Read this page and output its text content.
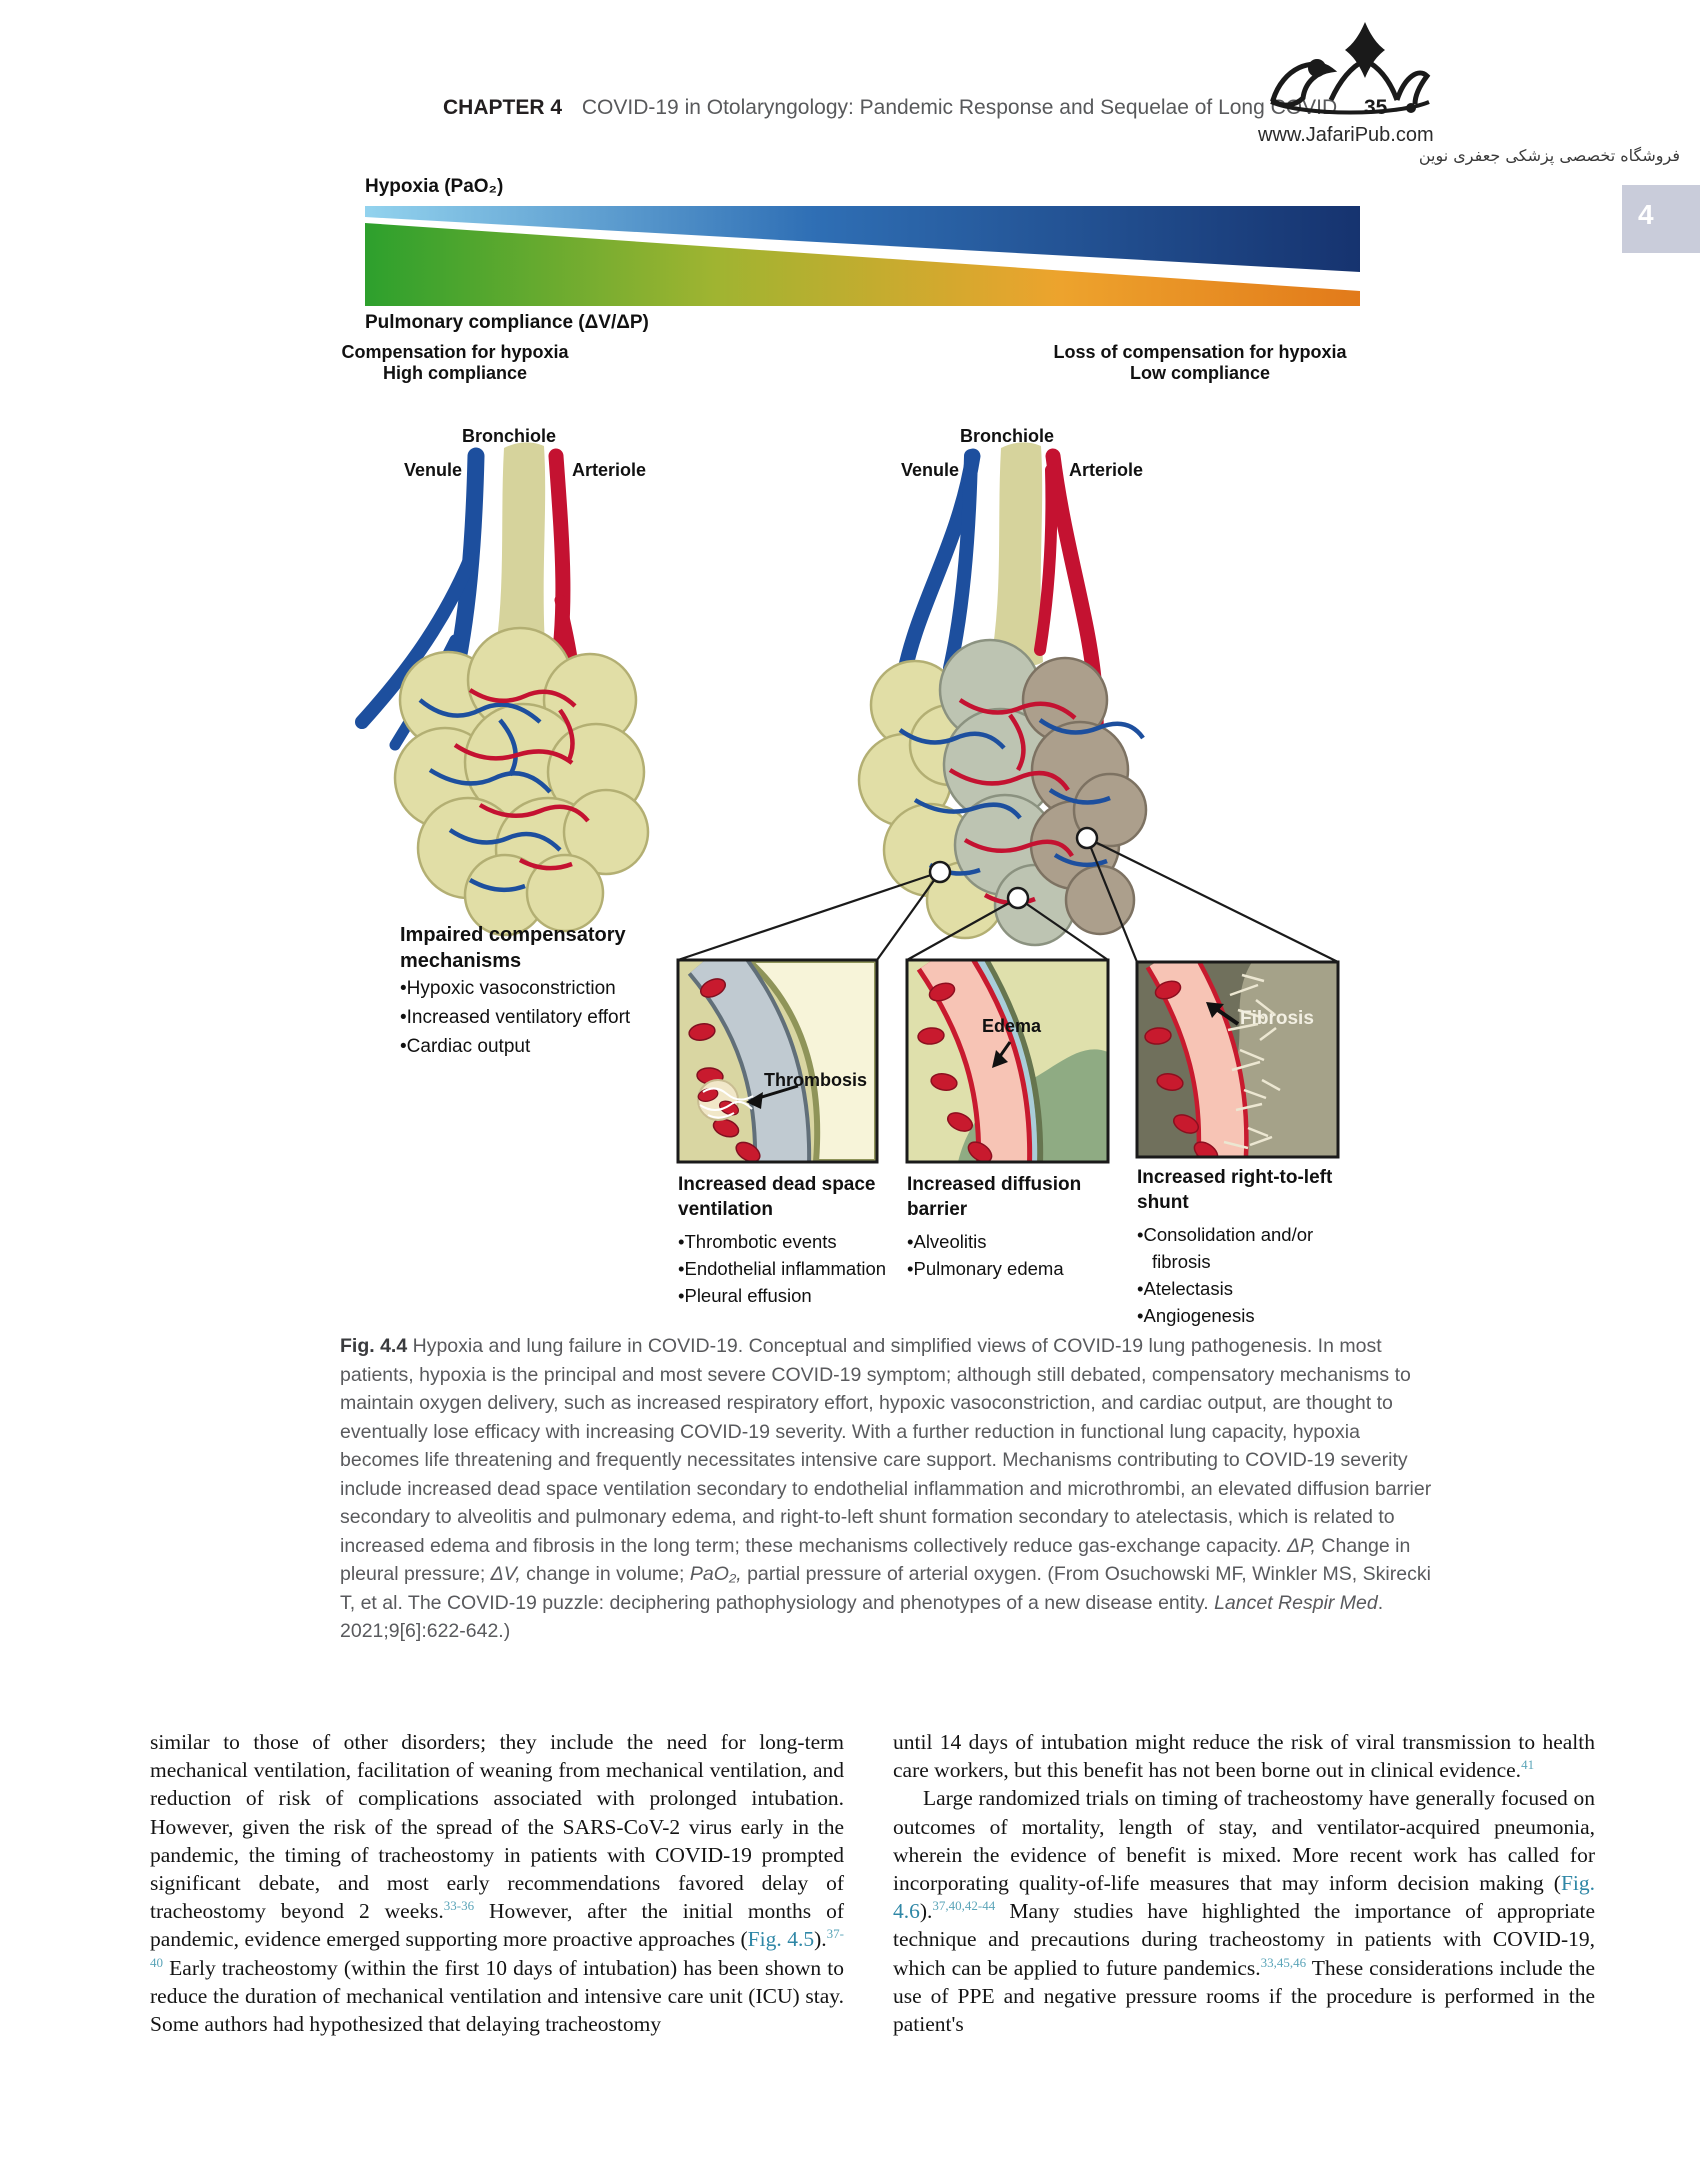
CHAPTER 4 COVID-19 in Otolaryngology: Pandemic Response and Sequelae of Long COVID 35
www.JafariPub.com
فروشگاه تخصصی پزشکی جعفری نوین
4
Hypoxia (PaO₂)
Pulmonary compliance (ΔV/ΔP)
Compensation for hypoxia
High compliance
Loss of compensation for hypoxia
Low compliance
Bronchiole
Venule	Arteriole
Bronchiole
Venule	Arteriole
Thrombosis
Edema	Fibrosis
Impaired compensatory mechanisms
• Hypoxic vasoconstriction
• Increased ventilatory effort
• Cardiac output
Increased dead space ventilation
• Thrombotic events
• Endothelial inflammation
• Pleural effusion
Increased diffusion barrier
• Alveolitis
• Pulmonary edema
Increased right-to-left shunt
• Consolidation and/or fibrosis
• Atelectasis
• Angiogenesis
Fig. 4.4 Hypoxia and lung failure in COVID-19. Conceptual and simplified views of COVID-19 lung pathogenesis. In most patients, hypoxia is the principal and most severe COVID-19 symptom; although still debated, compensatory mechanisms to maintain oxygen delivery, such as increased respiratory effort, hypoxic vasoconstriction, and cardiac output, are thought to eventually lose efficacy with increasing COVID-19 severity. With a further reduction in functional lung capacity, hypoxia becomes life threatening and frequently necessitates intensive care support. Mechanisms contributing to COVID-19 severity include increased dead space ventilation secondary to endothelial inflammation and microthrombi, an elevated diffusion barrier secondary to alveolitis and pulmonary edema, and right-to-left shunt formation secondary to atelectasis, which is related to increased edema and fibrosis in the long term; these mechanisms collectively reduce gas-exchange capacity. ΔP, Change in pleural pressure; ΔV, change in volume; PaO₂, partial pressure of arterial oxygen. (From Osuchowski MF, Winkler MS, Skirecki T, et al. The COVID-19 puzzle: deciphering pathophysiology and phenotypes of a new disease entity. Lancet Respir Med. 2021;9[6]:622-642.)

similar to those of other disorders; they include the need for long-term mechanical ventilation, facilitation of weaning from mechanical ventilation, and reduction of risk of complications associated with prolonged intubation. However, given the risk of the spread of the SARS-CoV-2 virus early in the pandemic, the timing of tracheostomy in patients with COVID-19 prompted significant debate, and most early recommendations favored delay of tracheostomy beyond 2 weeks.$^{33-36}$ However, after the initial months of pandemic, evidence emerged supporting more proactive approaches (Fig. 4.5).$^{37-40}$ Early tracheostomy (within the first 10 days of intubation) has been shown to reduce the duration of mechanical ventilation and intensive care unit (ICU) stay. Some authors had hypothesized that delaying tracheostomy

until 14 days of intubation might reduce the risk of viral transmission to health care workers, but this benefit has not been borne out in clinical evidence.$^{41}$

Large randomized trials on timing of tracheostomy have generally focused on outcomes of mortality, length of stay, and ventilator-acquired pneumonia, wherein the evidence of benefit is mixed. More recent work has called for incorporating quality-of-life measures that may inform decision making (Fig. 4.6).$^{37,40,42-44}$ Many studies have highlighted the importance of appropriate technique and precautions during tracheostomy in patients with COVID-19, which can be applied to future pandemics.$^{33,45,46}$ These considerations include the use of PPE and negative pressure rooms if the procedure is performed in the patient's
